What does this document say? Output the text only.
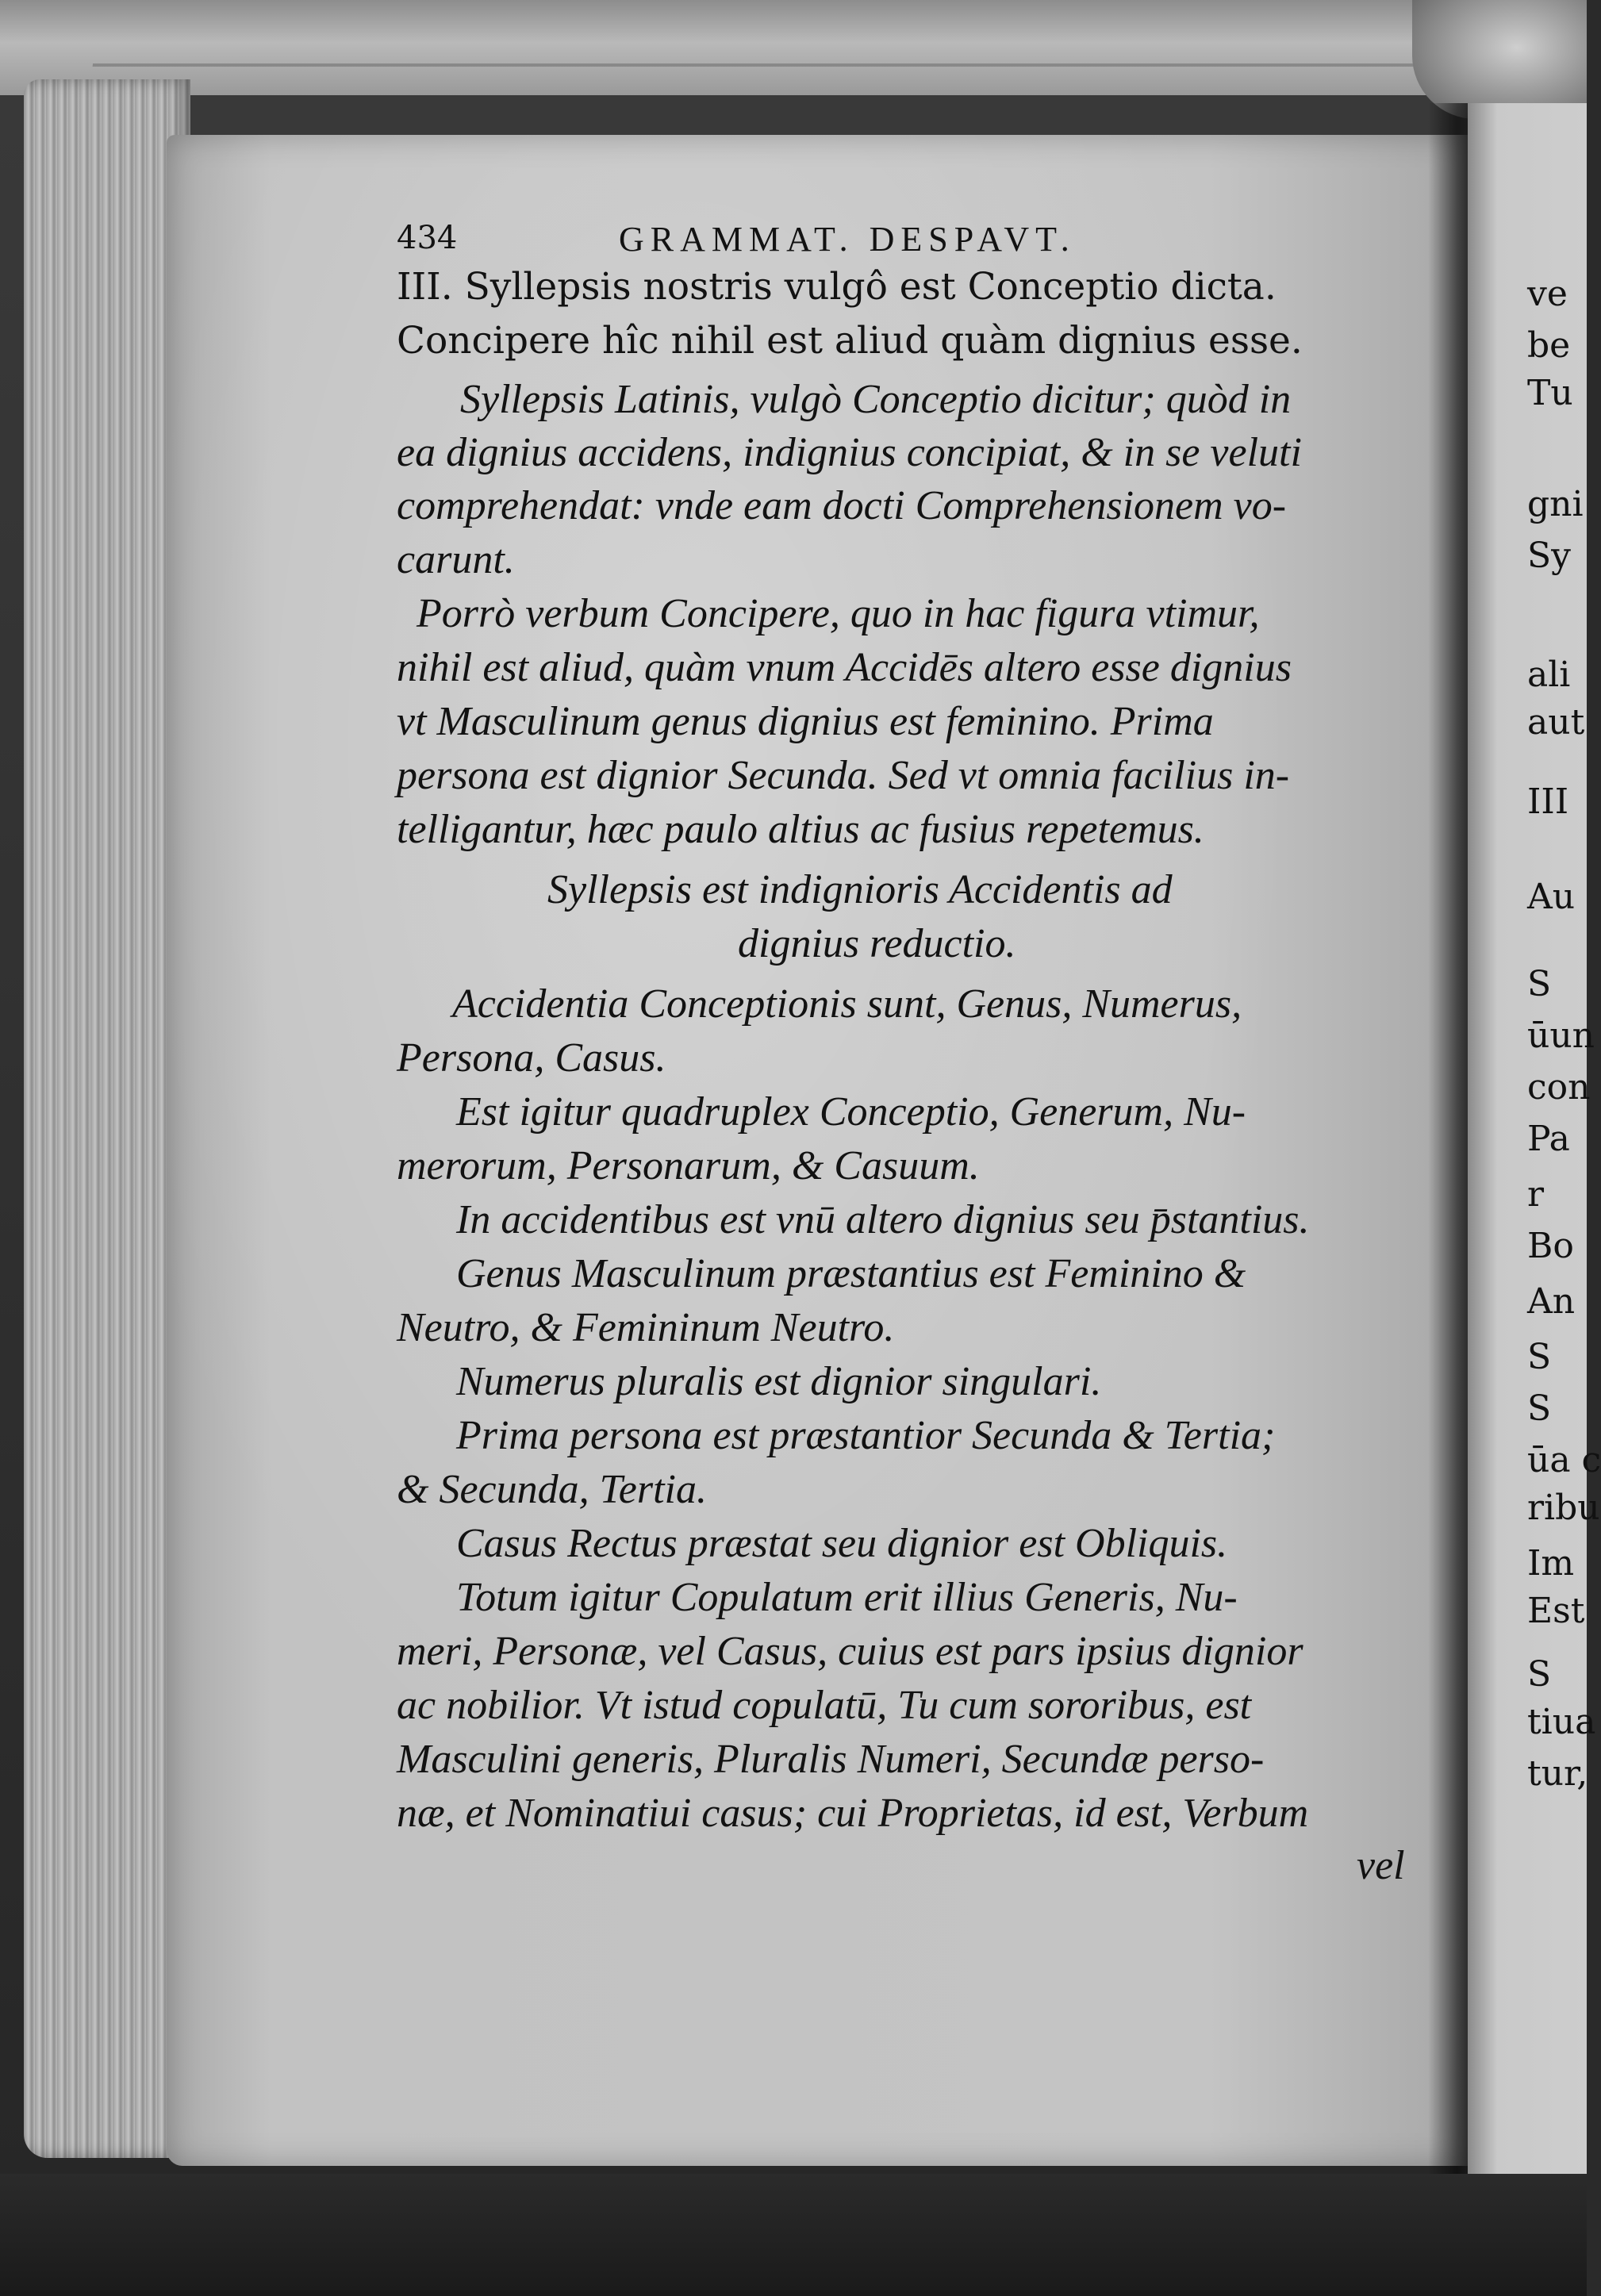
434	GRAMMAT. DESPAVT.
III. Syllepsis nostris vulgô est Conceptio dicta.
Concipere hîc nihil est aliud quàm dignius esse.
Syllepsis Latinis, vulgò Conceptio dicitur; quòd in
ea dignius accidens, indignius concipiat, & in se veluti
comprehendat: vnde eam docti Comprehensionem vo-
carunt.
Porrò verbum Concipere, quo in hac figura vtimur,
nihil est aliud, quàm vnum Accidēs altero esse dignius
vt Masculinum genus dignius est feminino. Prima
persona est dignior Secunda. Sed vt omnia facilius in-
telligantur, hæc paulo altius ac fusius repetemus.
Syllepsis est indignioris Accidentis ad
dignius reductio.
Accidentia Conceptionis sunt, Genus, Numerus,
Persona, Casus.
Est igitur quadruplex Conceptio, Generum, Nu-
merorum, Personarum, & Casuum.
In accidentibus est vnū altero dignius seu p̄stantius.
Genus Masculinum præstantius est Feminino &
Neutro, & Femininum Neutro.
Numerus pluralis est dignior singulari.
Prima persona est præstantior Secunda & Tertia;
& Secunda, Tertia.
Casus Rectus præstat seu dignior est Obliquis.
Totum igitur Copulatum erit illius Generis, Nu-
meri, Personæ, vel Casus, cuius est pars ipsius dignior
ac nobilior. Vt istud copulatū, Tu cum sororibus, est
Masculini generis, Pluralis Numeri, Secundæ perso-
næ, et Nominatiui casus; cui Proprietas, id est, Verbum
vel
ve
be
Tu
gni
Sy
ali
aut
III
Au
S
ūun
con
Pa
r
Bo
An
S
S
ūa c
ribu
Im
Est
S
tiua
tur,
